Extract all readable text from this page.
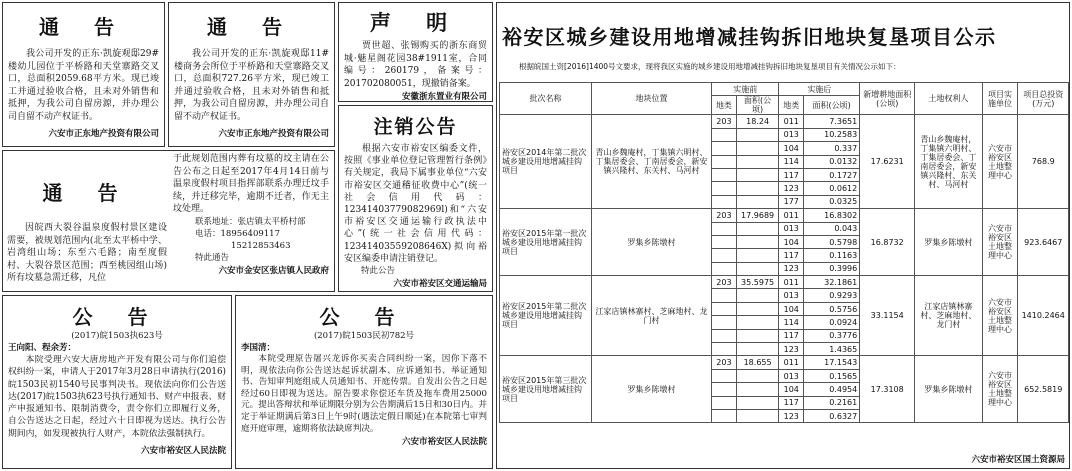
通 告

我公司开发的正东·凯旋观邸29#楼幼儿园位于平桥路和天堂寨路交叉口，总面积2059.68平方米。现已竣工并通过验收合格，且未对外销售和抵押，为我公司自留房源，并办理公司自留不动产权证书。

六安市正东地产投资有限公司

通 告

我公司开发的正东·凯旋观邸11#楼商务会所位于平桥路和天堂寨路交叉口，总面积727.26平方米，现已竣工并通过验收合格，且未对外销售和抵押，为我公司自留房源，并办理公司自留不动产权证书。

六安市正东地产投资有限公司

声 明

贾世超、张锡购买的浙东商贸城·魅星阁花园38#1911室，合同编号：260179，备案号：201702080051，现撤销备案。

安徽浙东置业有限公司

注销公告

根据六安市裕安区编委文件，按照《事业单位登记管理暂行条例》有关规定，我局下属事业单位“六安市裕安区交通稽征收费中心”(统一社会信用代码：12341403779082969l)和“六安市裕安区交通运输行政执法中心”(统一社会信用代码：12341403559208646X)拟向裕安区编委申请注销登记。

特此公告

六安市裕安区交通运输局

通 告

因皖西大裂谷温泉度假村景区建设需要，被规划范围内(北至太平桥中学、岩湾组山场；东至六毛路；南至度假村、大裂谷景区范围；西至桃园组山场)所有坟墓急需迁移，凡位

于此规划范围内葬有坟墓的坟主请在公告公布之日起至2017年4月14日前与温泉度假村项目指挥部联系办理迁坟手续，并迁移完毕，逾期不迁者，作无主坟处理。

联系地址：张店镇太平桥村部

电话：18956409117

15212853463

特此通告

六安市金安区张店镇人民政府

公 告

(2017)皖1503执623号

王向阳、程余芳：

本院受理六安大唐房地产开发有限公司与你们追偿权纠纷一案，申请人于2017年3月28日申请执行(2016)皖1503民初1540号民事判决书。现依法向你们公告送达(2017)皖1503执623号执行通知书、财产申报表、财产申报通知书、限制消费令，责令你们立即履行义务，自公告送达之日起，经过六十日即视为送达。执行公告期间内，如发现被执行人财产，本院依法强制执行。

六安市裕安区人民法院

公 告

(2017)皖1503民初782号

李国清：

本院受理原告屠兴龙诉你买卖合同纠纷一案，因你下落不明，现依法向你公告送达起诉状副本、应诉通知书、举证通知书、告知审判庭组成人员通知书、开庭传票。自发出公告之日起经过60日即视为送达。原告要求你偿还车货及拖车费用25000元。提出答辩状和举证期限分别为公告期满后15日和30日内。并定于举证期满后第3日上午9时(遇法定假日顺延)在本院第七审判庭开庭审理，逾期将依法缺席判决。

六安市裕安区人民法院

裕安区城乡建设用地增减挂钩拆旧地块复垦项目公示

根据皖国土资[2016]1400号文要求，现将我区实施的城乡建设用地增减挂钩拆旧地块复垦项目有关情况公示如下：

六安市裕安区国土资源局

批次名称	地块位置	实施前		实施后		新增耕地面积(公顷)	土地权利人	项目实施单位	项目总投资(万元)
		地类	面积(公顷)	地类	面积(公顷)				
裕安区2014年第二批次城乡建设用地增减挂钩项目	青山乡魏庵村，丁集镇六明村、丁集居委会、丁南居委会，新安镇兴隆村、东关村、马河村	203	18.24	011	7.3651	17.6231	青山乡魏庵村，丁集镇六明村、丁集居委会、丁南居委会，新安镇兴隆村、东关村、马河村	六安市裕安区土地整理中心	768.9
				013	10.2583				
				104	0.337				
				114	0.0132				
				117	0.1727				
				123	0.0612				
				177	0.0325				
裕安区2015年第一批次城乡建设用地增减挂钩项目	罗集乡陈墩村	203	17.9689	011	16.8302	16.8732	罗集乡陈墩村	六安市裕安区土地整理中心	923.6467
				013	0.043				
				104	0.5798				
				117	0.1163				
				123	0.3996				
裕安区2015年第二批次城乡建设用地增减挂钩项目	江家店镇林寨村、芝麻地村、龙门村	203	35.5975	011	32.1861	33.1154	江家店镇林寨村、芝麻地村、龙门村	六安市裕安区土地整理中心	1410.2464
				013	0.9293				
				104	0.5756				
				114	0.0924				
				117	0.3776				
				123	1.4365				
裕安区2015年第三批次城乡建设用地增减挂钩项目	罗集乡陈墩村	203	18.655	011	17.1543	17.3108	罗集乡陈墩村	六安市裕安区土地整理中心	652.5819
				013	0.1565				
				104	0.4954				
				117	0.2161				
				123	0.6327				
